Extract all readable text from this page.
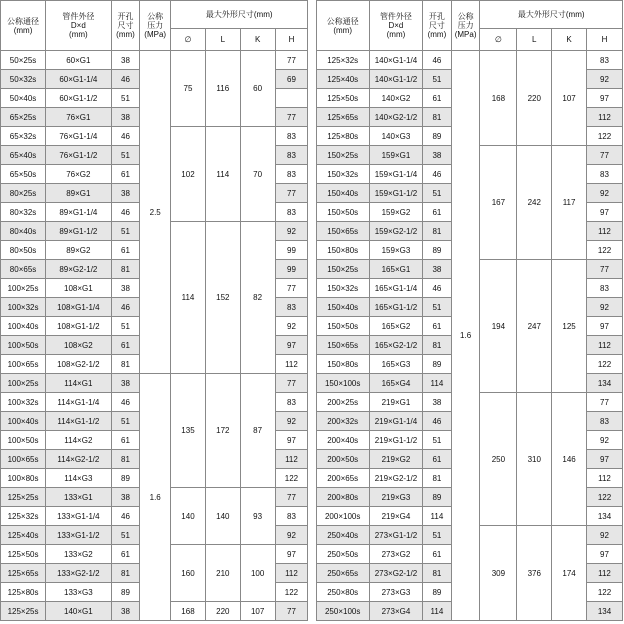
公称通径
(mm)	管件外径
D×d
(mm)	开孔
尺寸
(mm)	公称
压力
(MPa)	最大外形尺寸(mm)					公称通径
(mm)	管件外径
D×d
(mm)	开孔
尺寸
(mm)	公称
压力
(MPa)	最大外形尺寸(mm)			
				∅	L	K	H						∅	L	K	H
50×25s	60×G1	38	2.5	75	116	60	77		125×32s	140×G1-1/4	46	1.6	168	220	107	83
50×32s	60×G1-1/4	46					69		125×40s	140×G1-1/2	51					92
50×40s	60×G1-1/2	51							125×50s	140×G2	61					97
65×25s	76×G1	38					77		125×65s	140×G2-1/2	81					112
65×32s	76×G1-1/4	46		102	114	70	83		125×80s	140×G3	89					122
65×40s	76×G1-1/2	51					83		150×25s	159×G1	38		167	242	117	77
65×50s	76×G2	61					83		150×32s	159×G1-1/4	46					83
80×25s	89×G1	38					77		150×40s	159×G1-1/2	51					92
80×32s	89×G1-1/4	46					83		150×50s	159×G2	61					97
80×40s	89×G1-1/2	51		114	152	82	92		150×65s	159×G2-1/2	81					112
80×50s	89×G2	61					99		150×80s	159×G3	89					122
80×65s	89×G2-1/2	81					99		150×25s	165×G1	38		194	247	125	77
100×25s	108×G1	38					77		150×32s	165×G1-1/4	46					83
100×32s	108×G1-1/4	46					83		150×40s	165×G1-1/2	51					92
100×40s	108×G1-1/2	51					92		150×50s	165×G2	61					97
100×50s	108×G2	61					97		150×65s	165×G2-1/2	81					112
100×65s	108×G2-1/2	81					112		150×80s	165×G3	89					122
100×25s	114×G1	38	1.6	135	172	87	77		150×100s	165×G4	114					134
100×32s	114×G1-1/4	46					83		200×25s	219×G1	38		250	310	146	77
100×40s	114×G1-1/2	51					92		200×32s	219×G1-1/4	46					83
100×50s	114×G2	61					97		200×40s	219×G1-1/2	51					92
100×65s	114×G2-1/2	81					112		200×50s	219×G2	61					97
100×80s	114×G3	89					122		200×65s	219×G2-1/2	81					112
125×25s	133×G1	38		140	140	93	77		200×80s	219×G3	89					122
125×32s	133×G1-1/4	46					83		200×100s	219×G4	114					134
125×40s	133×G1-1/2	51					92		250×40s	273×G1-1/2	51		309	376	174	92
125×50s	133×G2	61		160	210	100	97		250×50s	273×G2	61					97
125×65s	133×G2-1/2	81					112		250×65s	273×G2-1/2	81					112
125×80s	133×G3	89					122		250×80s	273×G3	89					122
125×25s	140×G1	38		168	220	107	77		250×100s	273×G4	114					134
